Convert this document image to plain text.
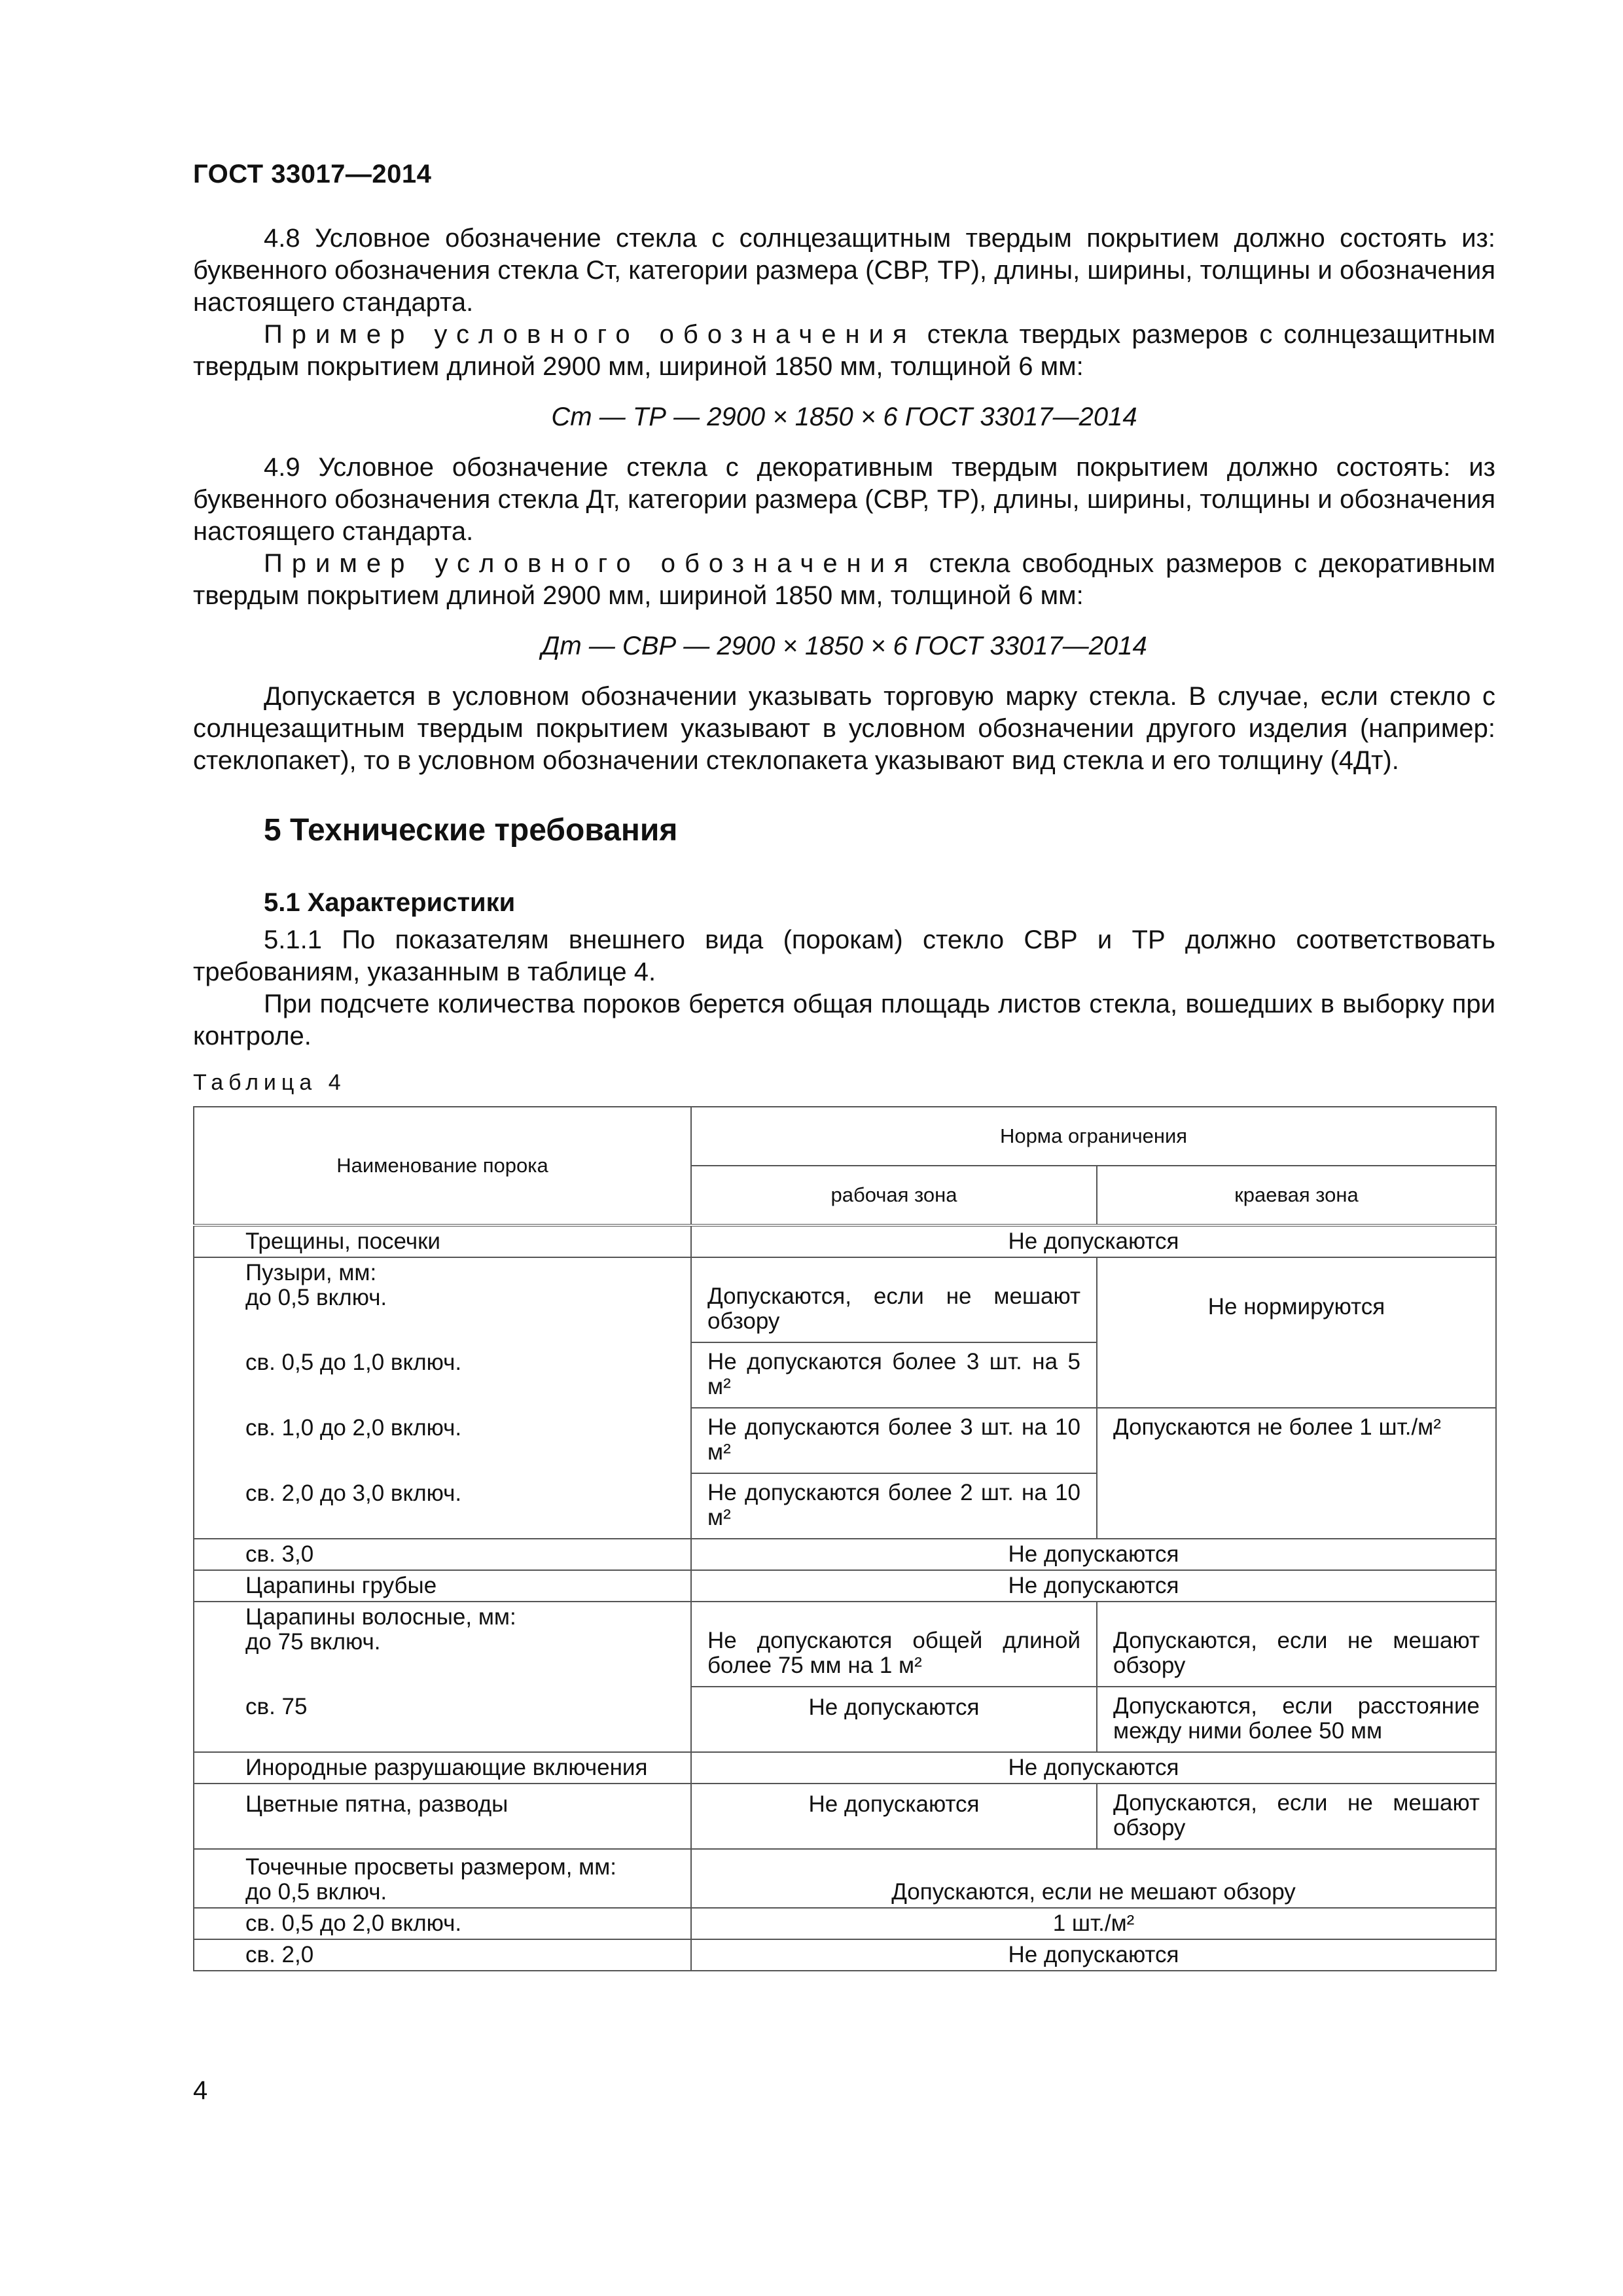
ГОСТ 33017—2014

4.8 Условное обозначение стекла с солнцезащитным твердым покрытием должно состоять из: буквенного обозначения стекла Cт, категории размера (СВР, ТР), длины, ширины, толщины и обозначения настоящего стандарта.

Пример условного обозначения стекла твердых размеров с солнцезащитным твердым покрытием длиной 2900 мм, шириной 1850 мм, толщиной 6 мм:

Cт — ТР — 2900 × 1850 × 6 ГОСТ 33017—2014

4.9 Условное обозначение стекла с декоративным твердым покрытием должно состоять: из буквенного обозначения стекла Дт, категории размера (СВР, ТР), длины, ширины, толщины и обозначения настоящего стандарта.

Пример условного обозначения стекла свободных размеров с декоративным твердым покрытием длиной 2900 мм, шириной 1850 мм, толщиной 6 мм:

Дт — СВР — 2900 × 1850 × 6 ГОСТ 33017—2014

Допускается в условном обозначении указывать торговую марку стекла. В случае, если стекло с солнцезащитным твердым покрытием указывают в условном обозначении другого изделия (например: стеклопакет), то в условном обозначении стеклопакета указывают вид стекла и его толщину (4Дт).

5 Технические требования
5.1 Характеристики

5.1.1 По показателям внешнего вида (порокам) стекло СВР и ТР должно соответствовать требованиям, указанным в таблице 4.

При подсчете количества пороков берется общая площадь листов стекла, вошедших в выборку при контроле.

Таблица 4
Наименование порока	Норма ограничения	
	рабочая зона	краевая зона
Трещины, посечки	Не допускаются	

Пузыри, мм:
до 0,5 включ.	Допускаются, если не мешают обзору	Не нормируются
св. 0,5 до 1,0 включ.	Не допускаются более 3 шт. на 5 м²	
св. 1,0 до 2,0 включ.	Не допускаются более 3 шт. на 10 м²	Допускаются не более 1 шт./м²
св. 2,0 до 3,0 включ.	Не допускаются более 2 шт. на 10 м²	
св. 3,0	Не допускаются	
Царапины грубые	Не допускаются	

Царапины волосные, мм:
до 75 включ.	Не допускаются общей длиной более 75 мм на 1 м²	Допускаются, если не мешают обзору
св. 75	Не допускаются	Допускаются, если расстояние между ними более 50 мм
Инородные разрушающие включения	Не допускаются	
Цветные пятна, разводы	Не допускаются	Допускаются, если не мешают обзору

Точечные просветы размером, мм:
до 0,5 включ.	Допускаются, если не мешают обзору	
св. 0,5 до 2,0 включ.	1 шт./м²	
св. 2,0	Не допускаются	
4
